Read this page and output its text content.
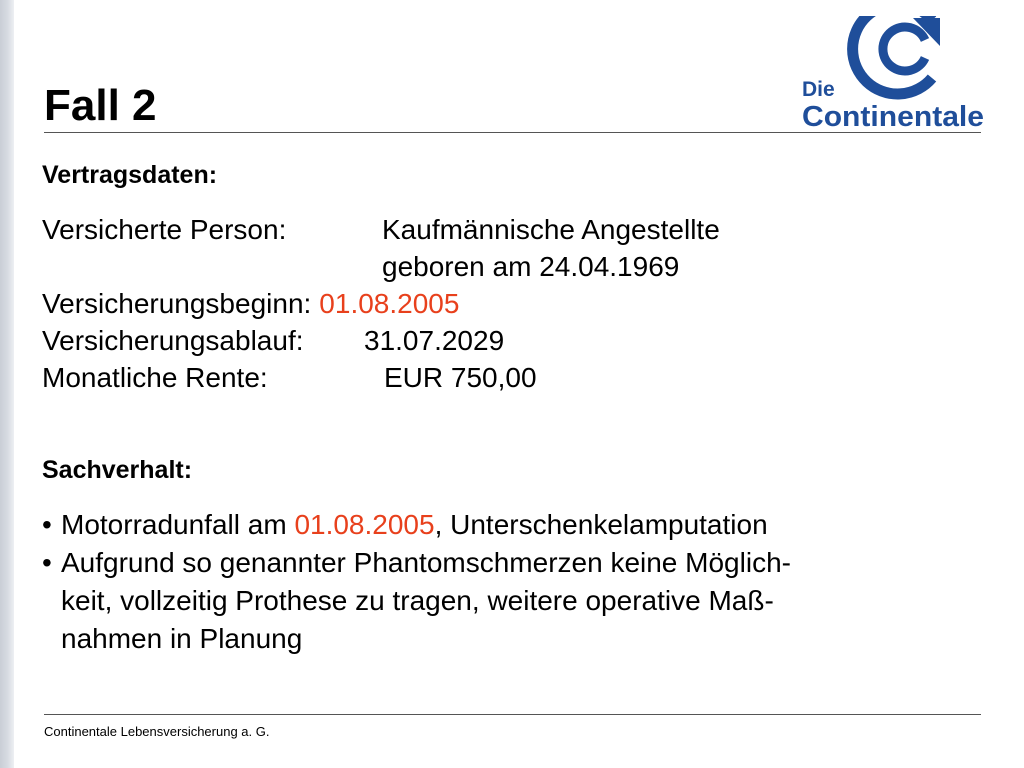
Fall 2	Die
Continentale
Vertragsdaten:
Versicherte Person:	Kaufmännische Angestellte
geboren am 24.04.1969
Versicherungsbeginn: 01.08.2005
Versicherungsablauf:	31.07.2029
Monatliche Rente:	EUR 750,00
Sachverhalt:
• Motorradunfall am 01.08.2005, Unterschenkelamputation
• Aufgrund so genannter Phantomschmerzen keine Möglich-
keit, vollzeitig Prothese zu tragen, weitere operative Maß-
nahmen in Planung
Continentale Lebensversicherung a. G.
